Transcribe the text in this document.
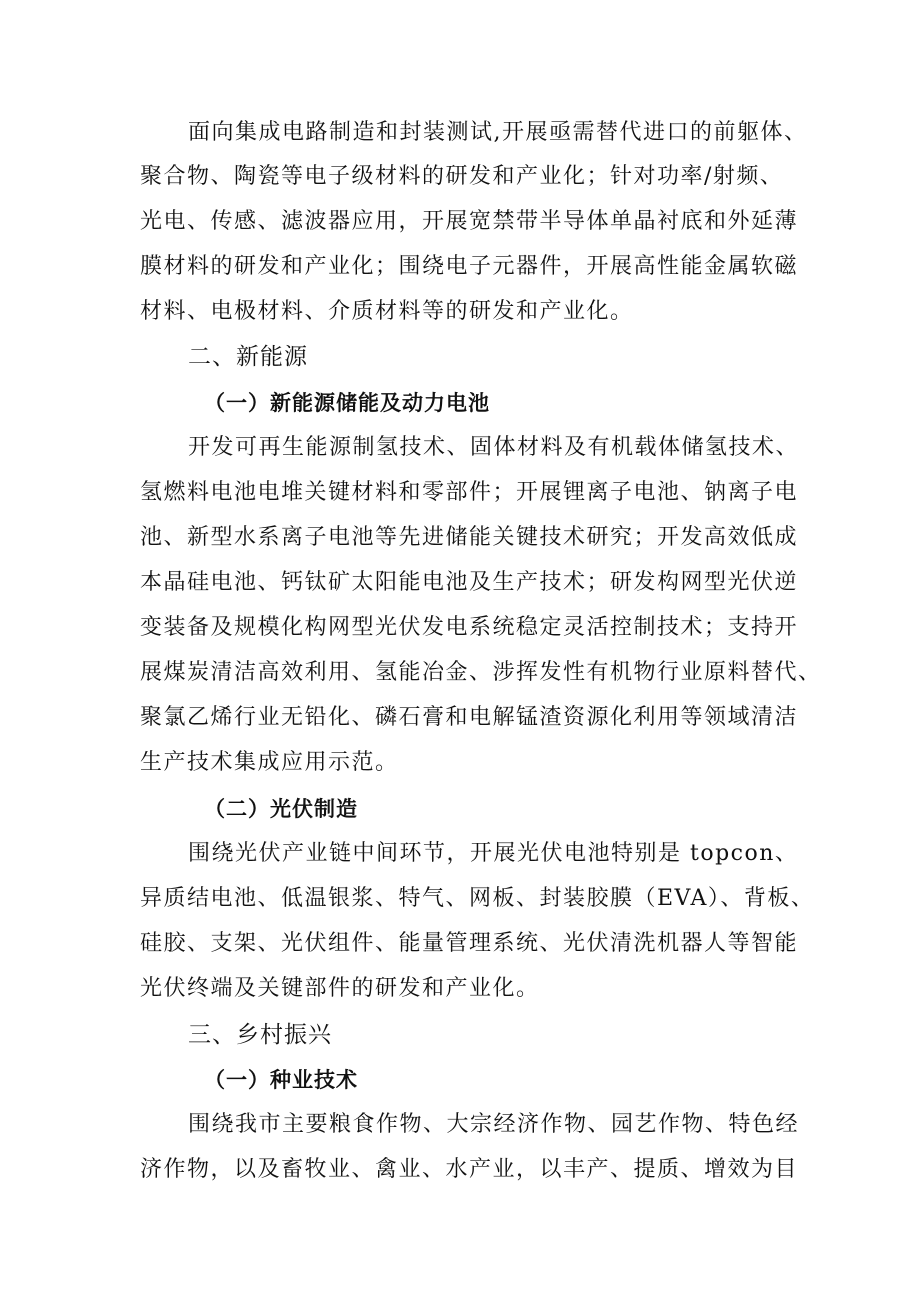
面向集成电路制造和封装测试,开展亟需替代进口的前躯体、
聚合物、陶瓷等电子级材料的研发和产业化；针对功率/射频、
光电、传感、滤波器应用，开展宽禁带半导体单晶衬底和外延薄
膜材料的研发和产业化；围绕电子元器件，开展高性能金属软磁
材料、电极材料、介质材料等的研发和产业化。
二、新能源
（一）新能源储能及动力电池
开发可再生能源制氢技术、固体材料及有机载体储氢技术、
氢燃料电池电堆关键材料和零部件；开展锂离子电池、钠离子电
池、新型水系离子电池等先进储能关键技术研究；开发高效低成
本晶硅电池、钙钛矿太阳能电池及生产技术；研发构网型光伏逆
变装备及规模化构网型光伏发电系统稳定灵活控制技术；支持开
展煤炭清洁高效利用、氢能冶金、涉挥发性有机物行业原料替代、
聚氯乙烯行业无铅化、磷石膏和电解锰渣资源化利用等领域清洁
生产技术集成应用示范。
（二）光伏制造
围绕光伏产业链中间环节，开展光伏电池特别是 topcon、
异质结电池、低温银浆、特气、网板、封装胶膜（EVA）、背板、
硅胶、支架、光伏组件、能量管理系统、光伏清洗机器人等智能
光伏终端及关键部件的研发和产业化。
三、乡村振兴
（一）种业技术
围绕我市主要粮食作物、大宗经济作物、园艺作物、特色经
济作物，以及畜牧业、禽业、水产业，以丰产、提质、增效为目
